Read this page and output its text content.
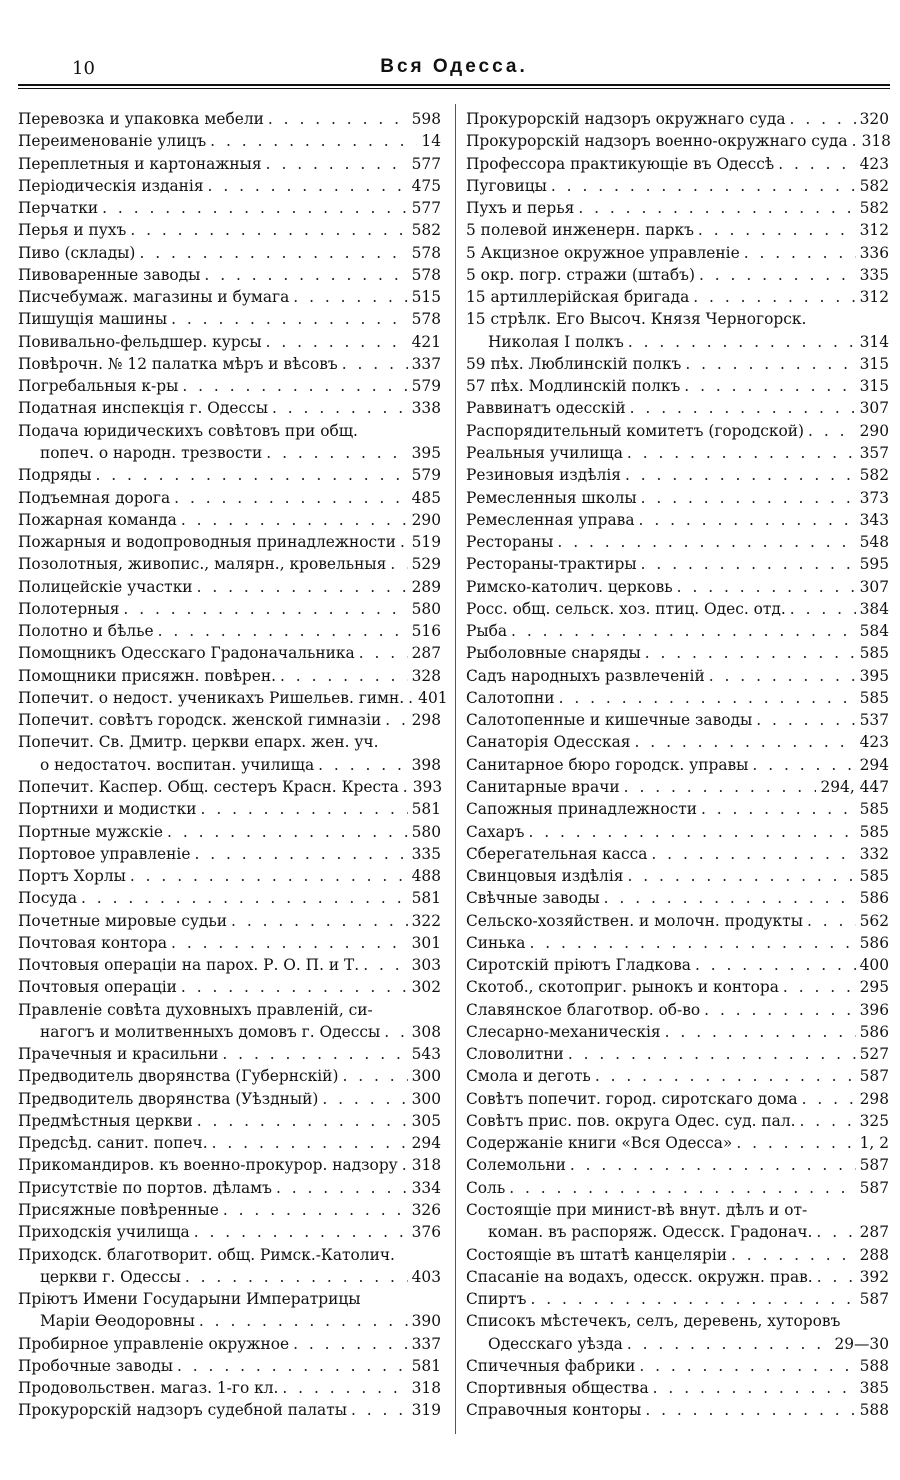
10	Вся Одесса.
Перевозка и упаковка мебели . . .	598
Переименованіе улицъ . . .	14
Переплетныя и картонажныя . . .	577
Періодическія изданія . . .	475
Перчатки . . .	577
Перья и пухъ . . .	582
Пиво (склады) . . .	578
Пивоваренные заводы . . .	578
Писчебумаж. магазины и бумага . . .	515
Пишущія машины . . .	578
Повивально-фельдшер. курсы . . .	421
Повѣрочн. № 12 палатка мѣръ и вѣсовъ . . .	337
Погребальныя к-ры . . .	579
Податная инспекція г. Одессы . . .	338
Подача юридическихъ совѣтовъ при общ.
попеч. о народн. трезвости . . .	395
Подряды . . .	579
Подъемная дорога . . .	485
Пожарная команда . . .	290
Пожарныя и водопроводныя принадлежности . . . 519
Позолотныя, живопис., малярн., кровельныя . . . 529
Полицейскіе участки . . .	289
Полотерныя . . .	580
Полотно и бѣлье . . .	516
Помощникъ Одесскаго Градоначальника . . .	287
Помощники присяжн. повѣрен. . . .	328
Попечит. о недост. ученикахъ Ришельев. гимн. . . . 401
Попечит. совѣтъ городск. женской гимназіи . . . 298
Попечит. Св. Дмитр. церкви епарх. жен. уч.
о недостаточ. воспитан. училища . . .	398
Попечит. Каспер. Общ. сестеръ Красн. Креста . . . 393
Портнихи и модистки . . .	581
Портные мужскіе . . .	580
Портовое управленіе . . .	335
Портъ Хорлы . . .	488
Посуда . . .	581
Почетные мировые судьи . . .	322
Почтовая контора . . .	301
Почтовыя операціи на парох. Р. О. П. и Т. . . .	303
Почтовыя операціи . . .	302
Правленіе совѣта духовныхъ правленій, си-
нагогъ и молитвенныхъ домовъ г. Одессы . . . 308
Прачечныя и красильни . . .	543
Предводитель дворянства (Губернскій) . . .	300
Предводитель дворянства (Уѣздный) . . .	300
Предмѣстныя церкви . . .	305
Предсѣд. санит. попеч. . . .	294
Прикомандиров. къ военно-прокурор. надзору . . . 318
Присутствіе по портов. дѣламъ . . .	334
Присяжные повѣренные . . .	326
Приходскія училища . . .	376
Приходск. благотворит. общ. Римск.-Католич.
церкви г. Одессы . . .	403
Пріютъ Имени Государыни Императрицы
Маріи Ѳеодоровны . . .	390
Пробирное управленіе окружное . . .	337
Пробочные заводы . . .	581
Продовольствен. магаз. 1-го кл. . . .	318
Прокурорскій надзоръ судебной палаты . . .	319
Прокурорскій надзоръ окружнаго суда . . .	320
Прокурорскій надзоръ военно-окружнаго суда . . . 318
Профессора практикующіе въ Одессѣ . . .	423
Пуговицы . . .	582
Пухъ и перья . . .	582
5 полевой инженерн. паркъ . . .	312
5 Акцизное окружное управленіе . . .	336
5 окр. погр. стражи (штабъ) . . .	335
15 артиллерійская бригада . . .	312
15 стрѣлк. Его Высоч. Князя Черногорск.
Николая I полкъ . . .	314
59 пѣх. Люблинскій полкъ . . .	315
57 пѣх. Модлинскій полкъ . . .	315
Раввинатъ одесскій . . .	307
Распорядительный комитетъ (городской) . . .	290
Реальныя училища . . .	357
Резиновыя издѣлія . . .	582
Ремесленныя школы . . .	373
Ремесленная управа . . .	343
Рестораны . . .	548
Рестораны-трактиры . . .	595
Римско-католич. церковь . . .	307
Росс. общ. сельск. хоз. птиц. Одес. отд. . . .	384
Рыба . . .	584
Рыболовные снаряды . . .	585
Садъ народныхъ развлеченій . . .	395
Салотопни . . .	585
Салотопенные и кишечные заводы . . .	537
Санаторія Одесская . . .	423
Санитарное бюро городск. управы . . .	294
Санитарные врачи . . .	294, 447
Сапожныя принадлежности . . .	585
Сахаръ . . .	585
Сберегательная касса . . .	332
Свинцовыя издѣлія . . .	585
Свѣчные заводы . . .	586
Сельско-хозяйствен. и молочн. продукты . . .	562
Синька . . .	586
Сиротскій пріютъ Гладкова . . .	400
Скотоб., скотоприг. рынокъ и контора . . .	295
Славянское благотвор. об-во . . .	396
Слесарно-механическія . . .	586
Словолитни . . .	527
Смола и деготь . . .	587
Совѣтъ попечит. город. сиротскаго дома . . .	298
Совѣтъ прис. пов. округа Одес. суд. пал. . . .	325
Содержаніе книги «Вся Одесса» . . .	1, 2
Солемольни . . .	587
Соль . . .	587
Состоящіе при минист-вѣ внут. дѣлъ и от-
коман. въ распоряж. Одесск. Градонач. . . .	287
Состоящіе въ штатѣ канцеляріи . . .	288
Спасаніе на водахъ, одесск. окружн. прав. . . .	392
Спиртъ . . .	587
Списокъ мѣстечекъ, селъ, деревень, хуторовъ
Одесскаго уѣзда . . .	29—30
Спичечныя фабрики . . .	588
Спортивныя общества . . .	385
Справочныя конторы . . .	588
